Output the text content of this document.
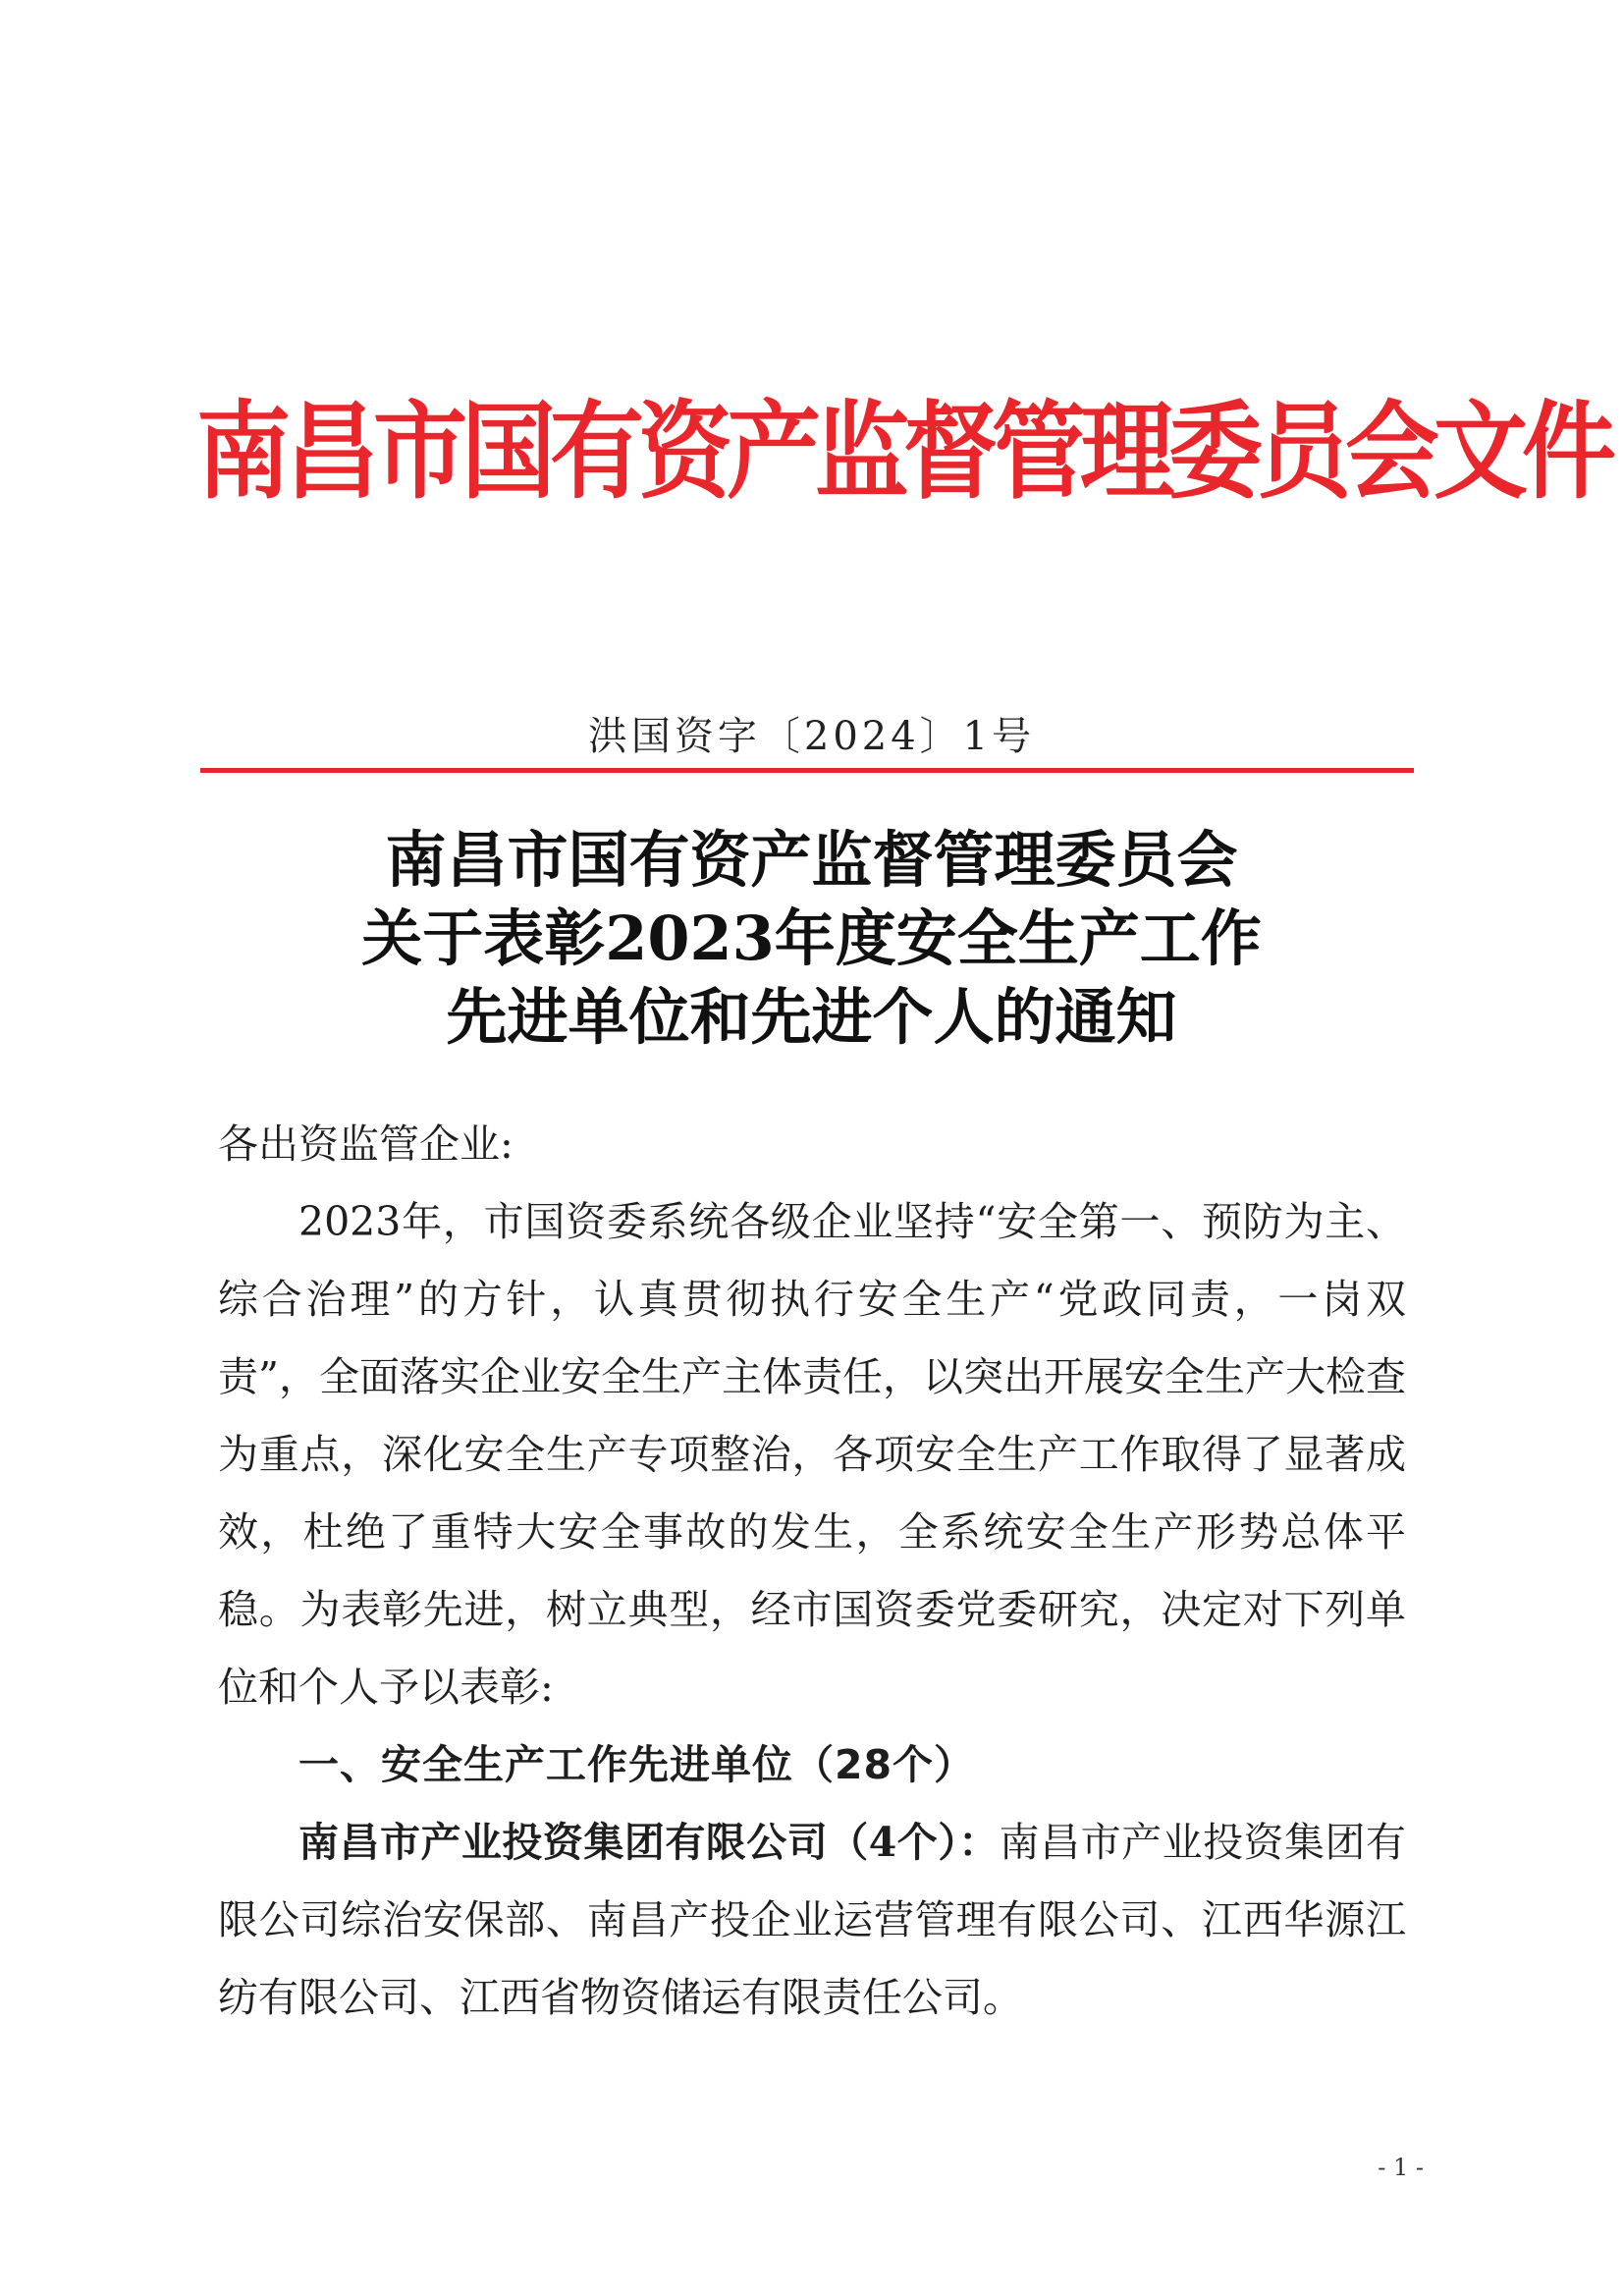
南昌市国有资产监督管理委员会文件
洪国资字〔2024〕1号
南昌市国有资产监督管理委员会
关于表彰2023年度安全生产工作
先进单位和先进个人的通知

各出资监管企业:

2023年，市国资委系统各级企业坚持“安全第一、预防为主、综合治理”的方针，认真贯彻执行安全生产“党政同责，一岗双责”，全面落实企业安全生产主体责任，以突出开展安全生产大检查为重点，深化安全生产专项整治，各项安全生产工作取得了显著成效，杜绝了重特大安全事故的发生，全系统安全生产形势总体平稳。为表彰先进，树立典型，经市国资委党委研究，决定对下列单位和个人予以表彰:

一、安全生产工作先进单位（28个）

南昌市产业投资集团有限公司（4个）：南昌市产业投资集团有限公司综治安保部、南昌产投企业运营管理有限公司、江西华源江纺有限公司、江西省物资储运有限责任公司。

- 1 -
